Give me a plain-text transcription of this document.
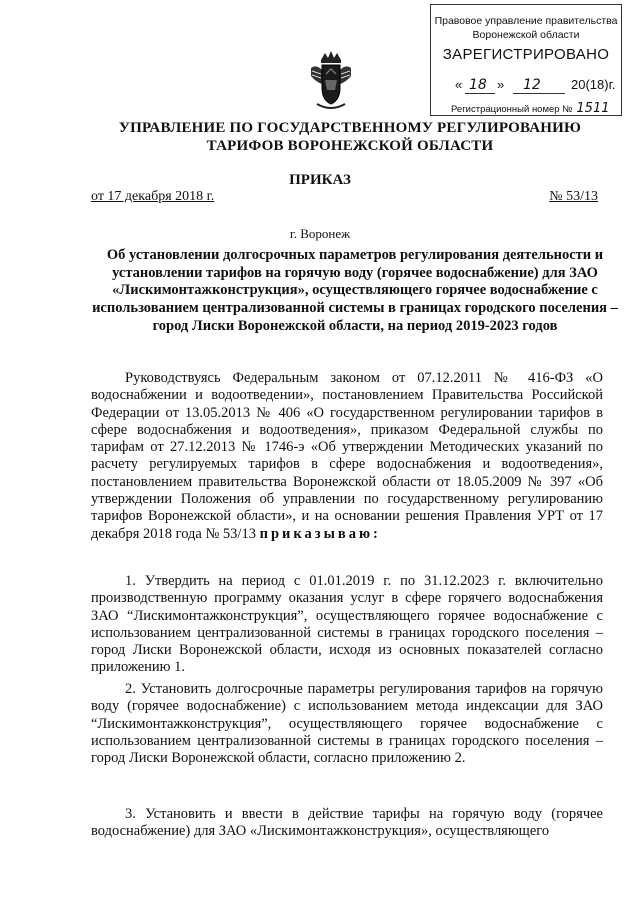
Правовое управление правительства
Воронежской области
ЗАРЕГИСТРИРОВАНО
« 18 » 12 20(18)г.
Регистрационный номер № 1511
УПРАВЛЕНИЕ ПО ГОСУДАРСТВЕННОМУ РЕГУЛИРОВАНИЮ
ТАРИФОВ ВОРОНЕЖСКОЙ ОБЛАСТИ
ПРИКАЗ
от 17 декабря 2018 г.	№ 53/13
г. Воронеж
Об установлении долгосрочных параметров регулирования деятельности и установлении тарифов на горячую воду (горячее водоснабжение) для ЗАО «Лискимонтажконструкция», осуществляющего горячее водоснабжение с использованием централизованной системы в границах городского поселения – город Лиски Воронежской области, на период 2019-2023 годов
Руководствуясь Федеральным законом от 07.12.2011 № 416-ФЗ «О водоснабжении и водоотведении», постановлением Правительства Российской Федерации от 13.05.2013 № 406 «О государственном регулировании тарифов в сфере водоснабжения и водоотведения», приказом Федеральной службы по тарифам от 27.12.2013 № 1746-э «Об утверждении Методических указаний по расчету регулируемых тарифов в сфере водоснабжения и водоотведения», постановлением правительства Воронежской области от 18.05.2009 № 397 «Об утверждении Положения об управлении по государственному регулированию тарифов Воронежской области», и на основании решения Правления УРТ от 17 декабря 2018 года № 53/13 приказываю:
1. Утвердить на период с 01.01.2019 г. по 31.12.2023 г. включительно производственную программу оказания услуг в сфере горячего водоснабжения ЗАО “Лискимонтажконструкция”, осуществляющего горячее водоснабжение с использованием централизованной системы в границах городского поселения – город Лиски Воронежской области, исходя из основных показателей согласно приложению 1.
2. Установить долгосрочные параметры регулирования тарифов на горячую воду (горячее водоснабжение) с использованием метода индексации для ЗАО “Лискимонтажконструкция”, осуществляющего горячее водоснабжение с использованием централизованной системы в границах городского поселения – город Лиски Воронежской области, согласно приложению 2.
3. Установить и ввести в действие тарифы на горячую воду (горячее водоснабжение) для ЗАО «Лискимонтажконструкция», осуществляющего
